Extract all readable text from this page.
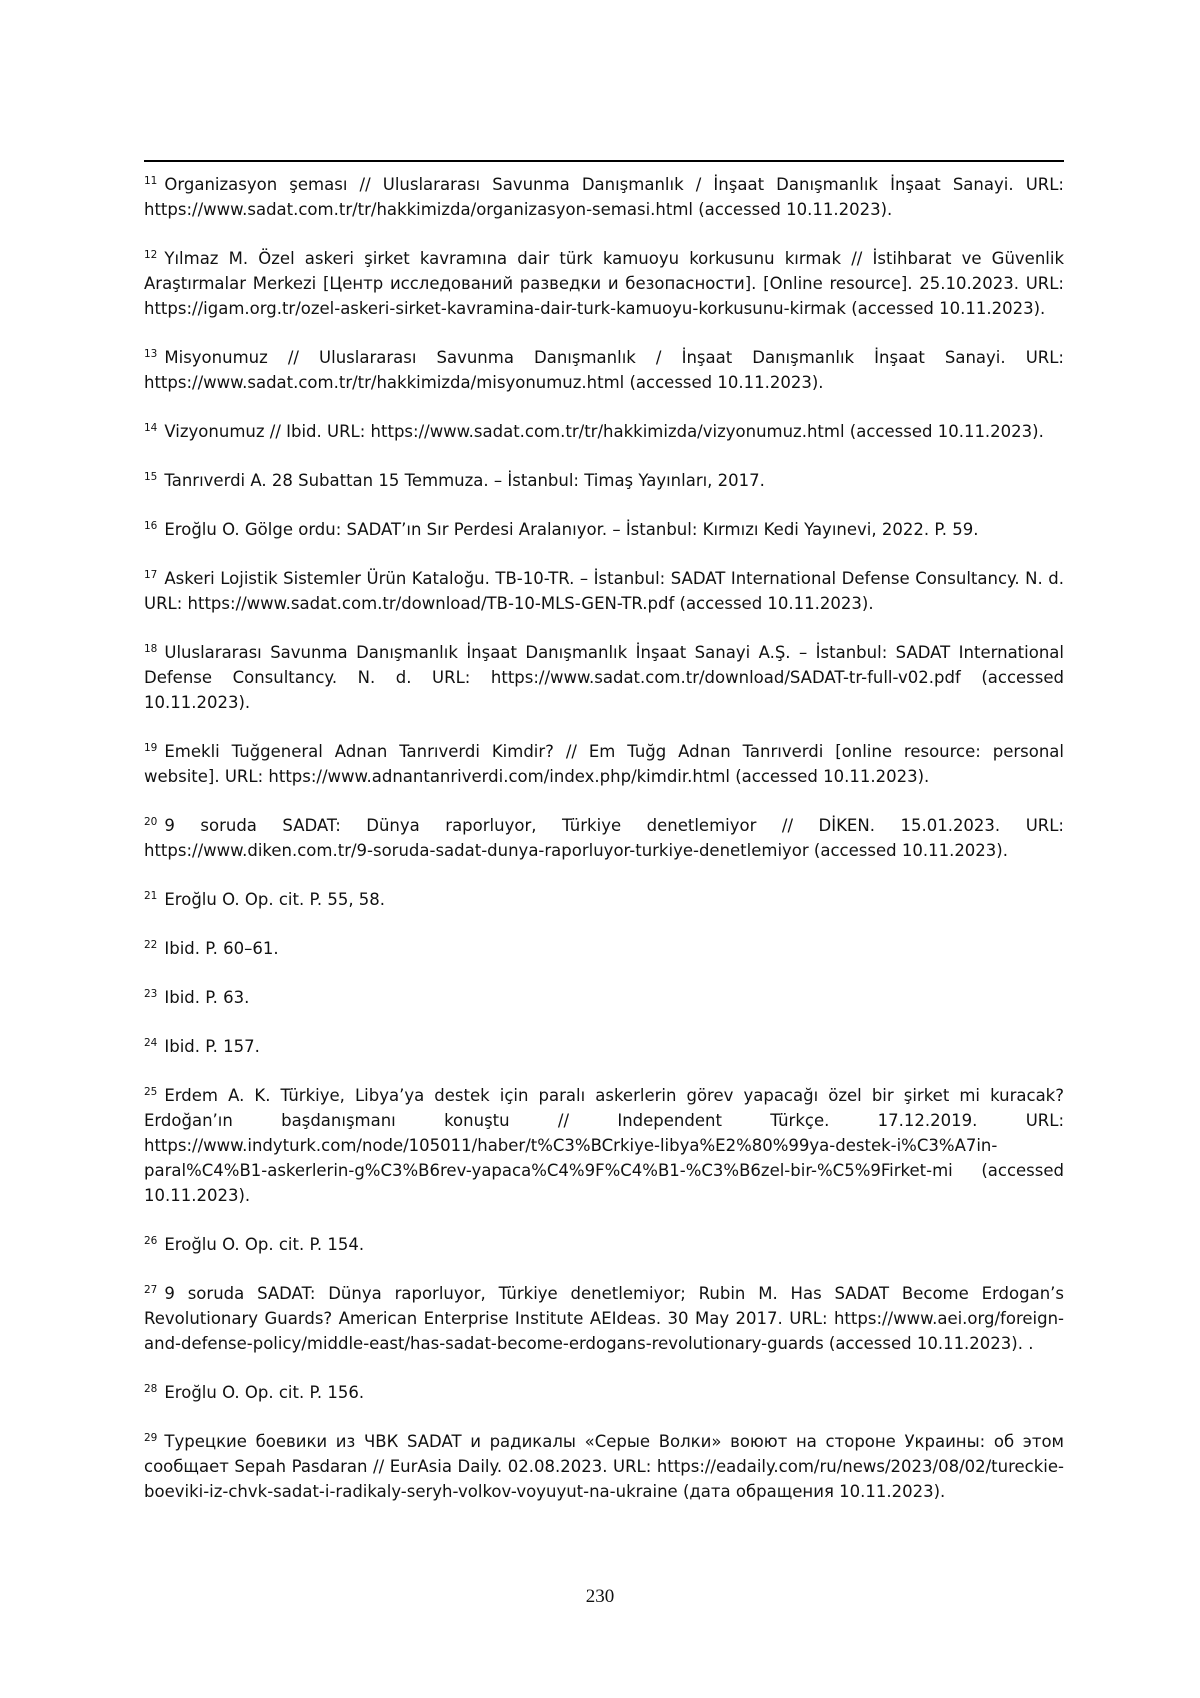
$^{11}$ Organizasyon şeması // Uluslararası Savunma Danışmanlık / İnşaat Danışmanlık İnşaat Sanayi. URL: https://www.sadat.com.tr/tr/hakkimizda/organizasyon-semasi.html (accessed 10.11.2023).

$^{12}$ Yılmaz M. Özel askeri şirket kavramına dair türk kamuoyu korkusunu kırmak // İstihbarat ve Güvenlik Araştırmalar Merkezi [Центр исследований разведки и безопасности]. [Online resource]. 25.10.2023. URL: https://igam.org.tr/ozel-askeri-sirket-kavramina-dair-turk-kamuoyu-korkusunu-kirmak (accessed 10.11.2023).

$^{13}$ Misyonumuz // Uluslararası Savunma Danışmanlık / İnşaat Danışmanlık İnşaat Sanayi. URL: https://www.sadat.com.tr/tr/hakkimizda/misyonumuz.html (accessed 10.11.2023).

$^{14}$ Vizyonumuz // Ibid. URL: https://www.sadat.com.tr/tr/hakkimizda/vizyonumuz.html (accessed 10.11.2023).

$^{15}$ Tanrıverdi A. 28 Subattan 15 Temmuza. – İstanbul: Timaş Yayınları, 2017.

$^{16}$ Eroğlu O. Gölge ordu: SADAT’ın Sır Perdesi Aralanıyor. – İstanbul: Kırmızı Kedi Yayınevi, 2022. P. 59.

$^{17}$ Askeri Lojistik Sistemler Ürün Kataloğu. TB-10-TR. – İstanbul: SADAT International Defense Consultancy. N. d. URL: https://www.sadat.com.tr/download/TB-10-MLS-GEN-TR.pdf (accessed 10.11.2023).

$^{18}$ Uluslararası Savunma Danışmanlık İnşaat Danışmanlık İnşaat Sanayi A.Ş. – İstanbul: SADAT International Defense Consultancy. N. d. URL: https://www.sadat.com.tr/download/SADAT-tr-full-v02.pdf (accessed 10.11.2023).

$^{19}$ Emekli Tuğgeneral Adnan Tanrıverdi Kimdir? // Em Tuğg Adnan Tanrıverdi [online resource: personal website]. URL: https://www.adnantanriverdi.com/index.php/kimdir.html (accessed 10.11.2023).

$^{20}$ 9 soruda SADAT: Dünya raporluyor, Türkiye denetlemiyor // DİKEN. 15.01.2023. URL: https://www.diken.com.tr/9-soruda-sadat-dunya-raporluyor-turkiye-denetlemiyor (accessed 10.11.2023).

$^{21}$ Eroğlu O. Op. cit. P. 55, 58.

$^{22}$ Ibid. P. 60–61.

$^{23}$ Ibid. P. 63.

$^{24}$ Ibid. P. 157.

$^{25}$ Erdem A. K. Türkiye, Libya’ya destek için paralı askerlerin görev yapacağı özel bir şirket mi kuracak? Erdoğan’ın başdanışmanı konuştu // Independent Türkçe. 17.12.2019. URL: https://www.indyturk.com/node/105011/haber/t%C3%BCrkiye-libya%E2%80%99ya-destek-i%C3%A7in-paral%C4%B1-askerlerin-g%C3%B6rev-yapaca%C4%9F%C4%B1-%C3%B6zel-bir-%C5%9Firket-mi (accessed 10.11.2023).

$^{26}$ Eroğlu O. Op. cit. P. 154.

$^{27}$ 9 soruda SADAT: Dünya raporluyor, Türkiye denetlemiyor; Rubin M. Has SADAT Become Erdogan’s Revolutionary Guards? American Enterprise Institute AEIdeas. 30 May 2017. URL: https://www.aei.org/foreign-and-defense-policy/middle-east/has-sadat-become-erdogans-revolutionary-guards (accessed 10.11.2023). .

$^{28}$ Eroğlu O. Op. cit. P. 156.

$^{29}$ Турецкие боевики из ЧВК SADAT и радикалы «Серые Волки» воюют на стороне Украины: об этом сообщает Sepah Pasdaran // EurAsia Daily. 02.08.2023. URL: https://eadaily.com/ru/news/2023/08/02/tureckie-boeviki-iz-chvk-sadat-i-radikaly-seryh-volkov-voyuyut-na-ukraine (дата обращения 10.11.2023).

230
